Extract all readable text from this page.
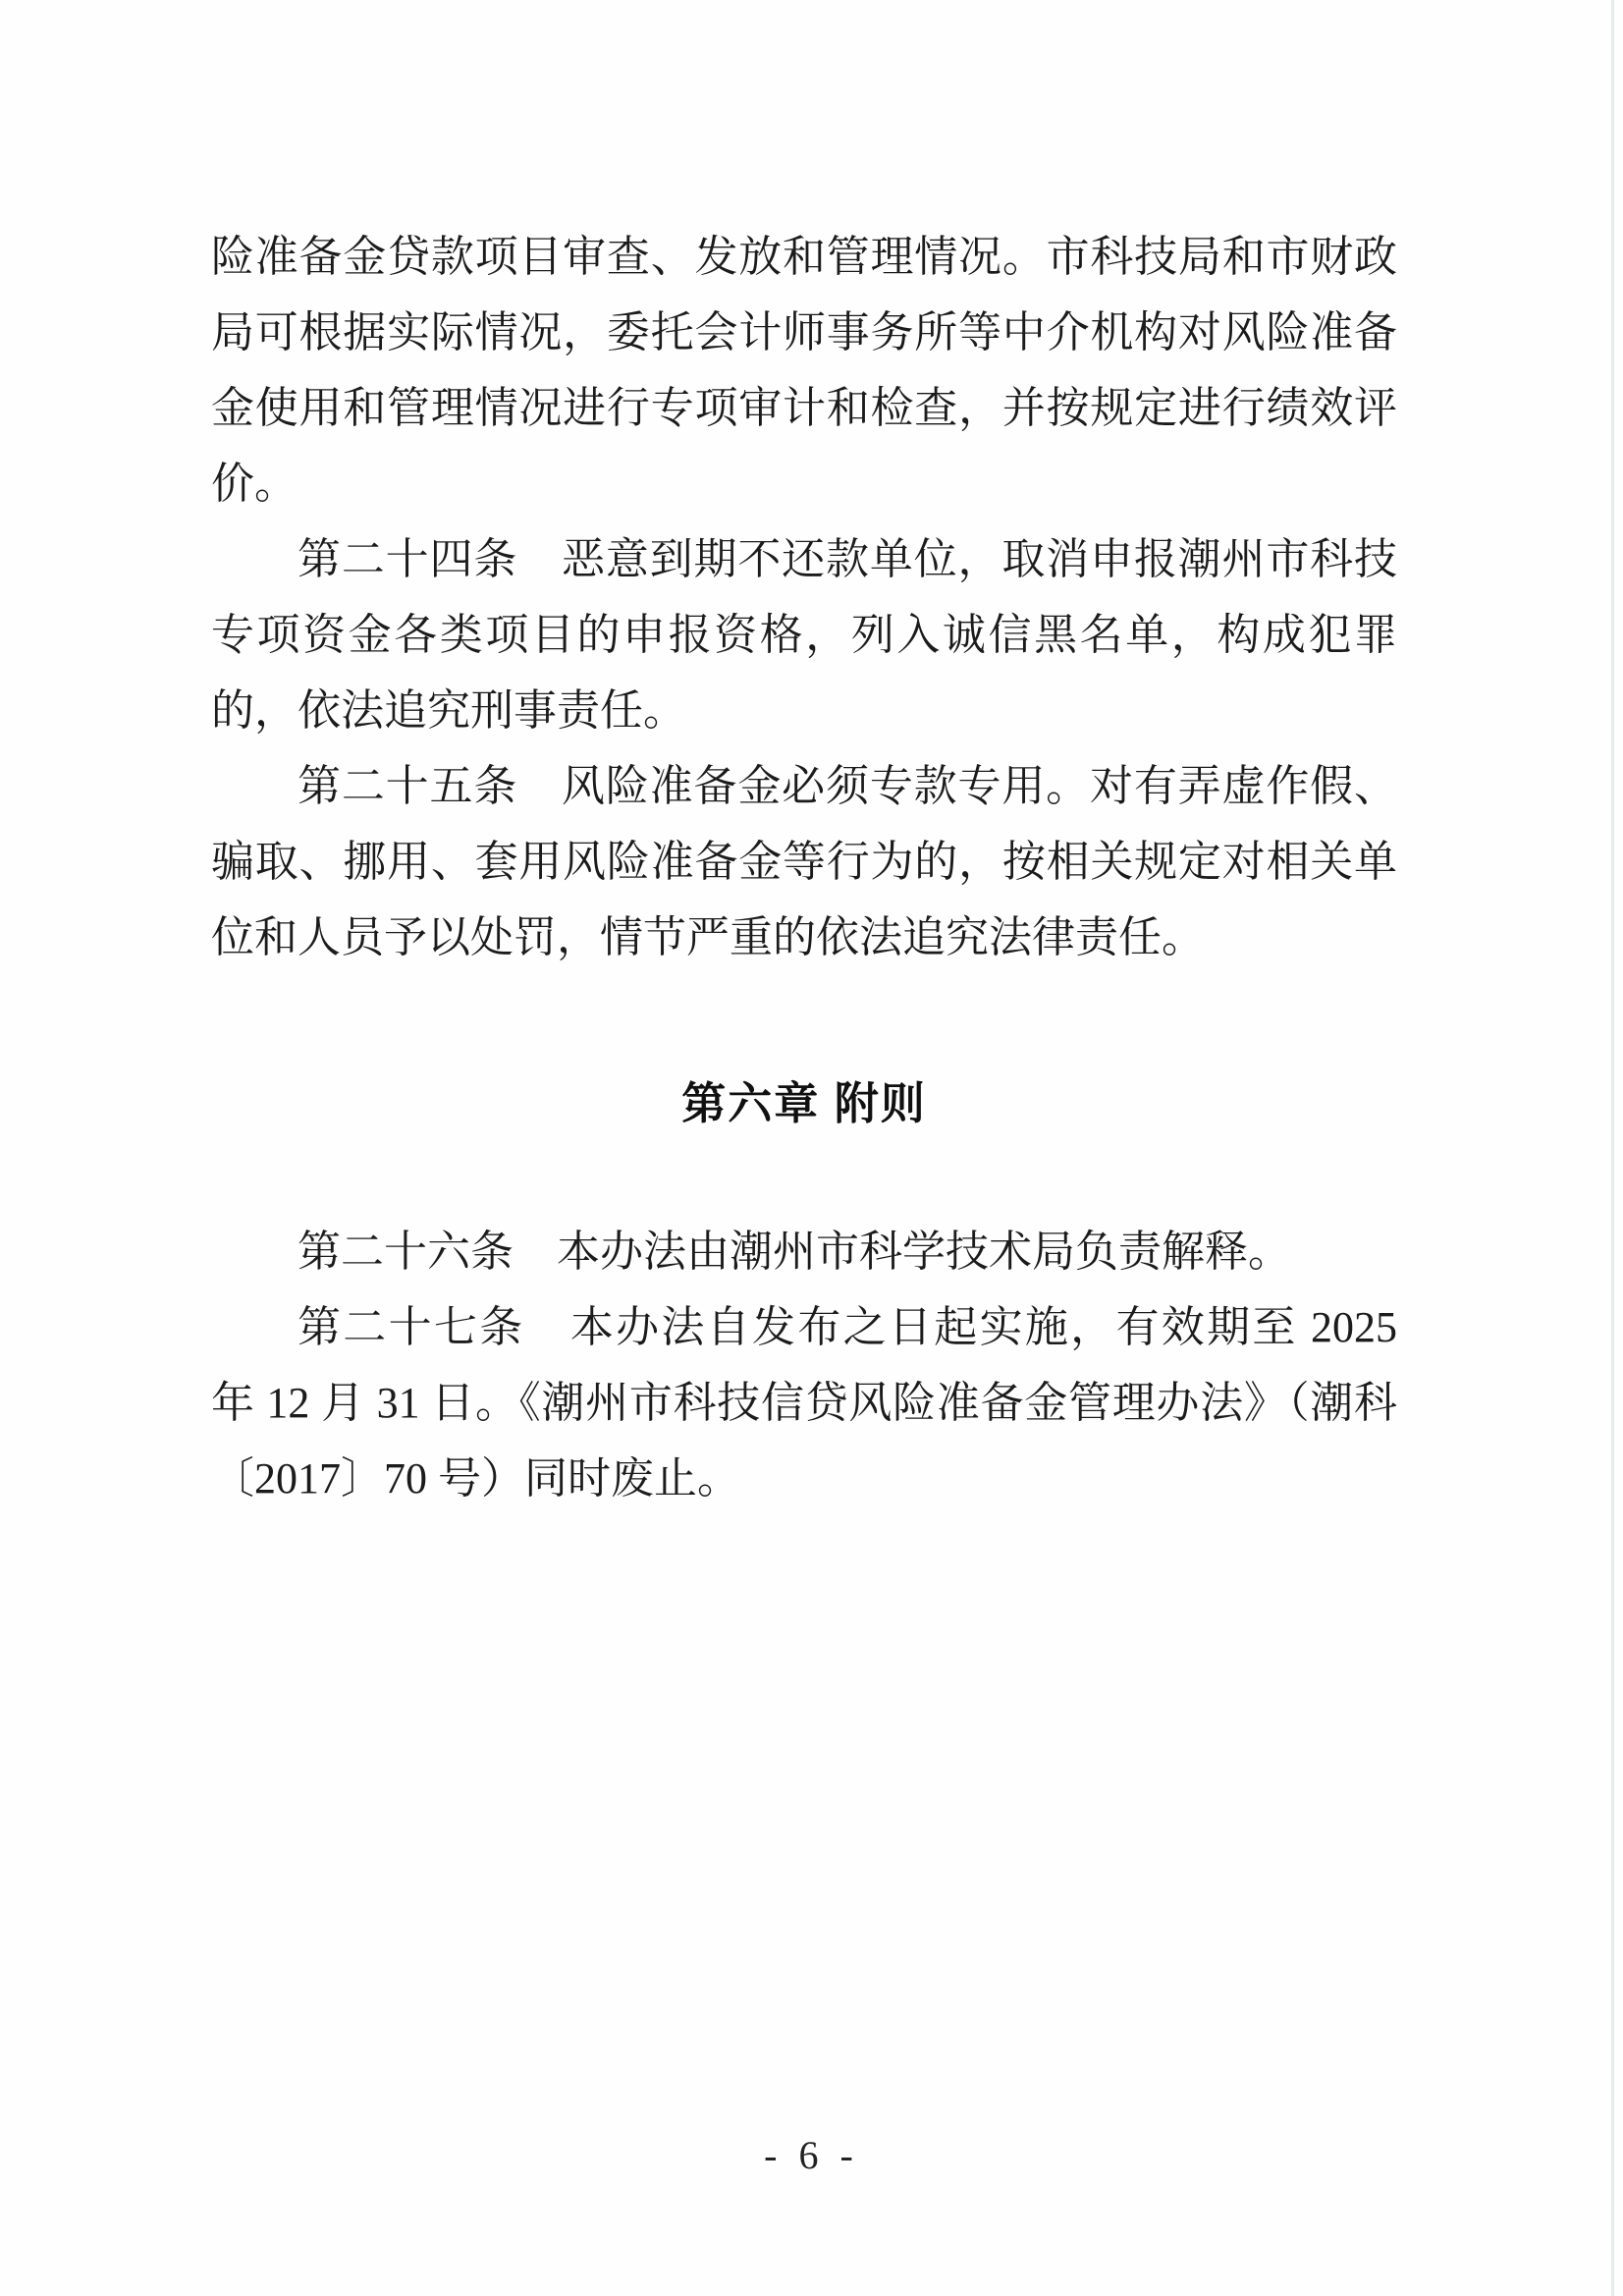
险准备金贷款项目审查、发放和管理情况。市科技局和市财政局可根据实际情况，委托会计师事务所等中介机构对风险准备金使用和管理情况进行专项审计和检查，并按规定进行绩效评价。

第二十四条　恶意到期不还款单位，取消申报潮州市科技专项资金各类项目的申报资格，列入诚信黑名单，构成犯罪的，依法追究刑事责任。

第二十五条　风险准备金必须专款专用。对有弄虚作假、骗取、挪用、套用风险准备金等行为的，按相关规定对相关单位和人员予以处罚，情节严重的依法追究法律责任。

第六章 附则

第二十六条　本办法由潮州市科学技术局负责解释。

第二十七条　本办法自发布之日起实施，有效期至 2025 年 12 月 31 日。《潮州市科技信贷风险准备金管理办法》（潮科〔2017〕70 号）同时废止。

- 6 -
